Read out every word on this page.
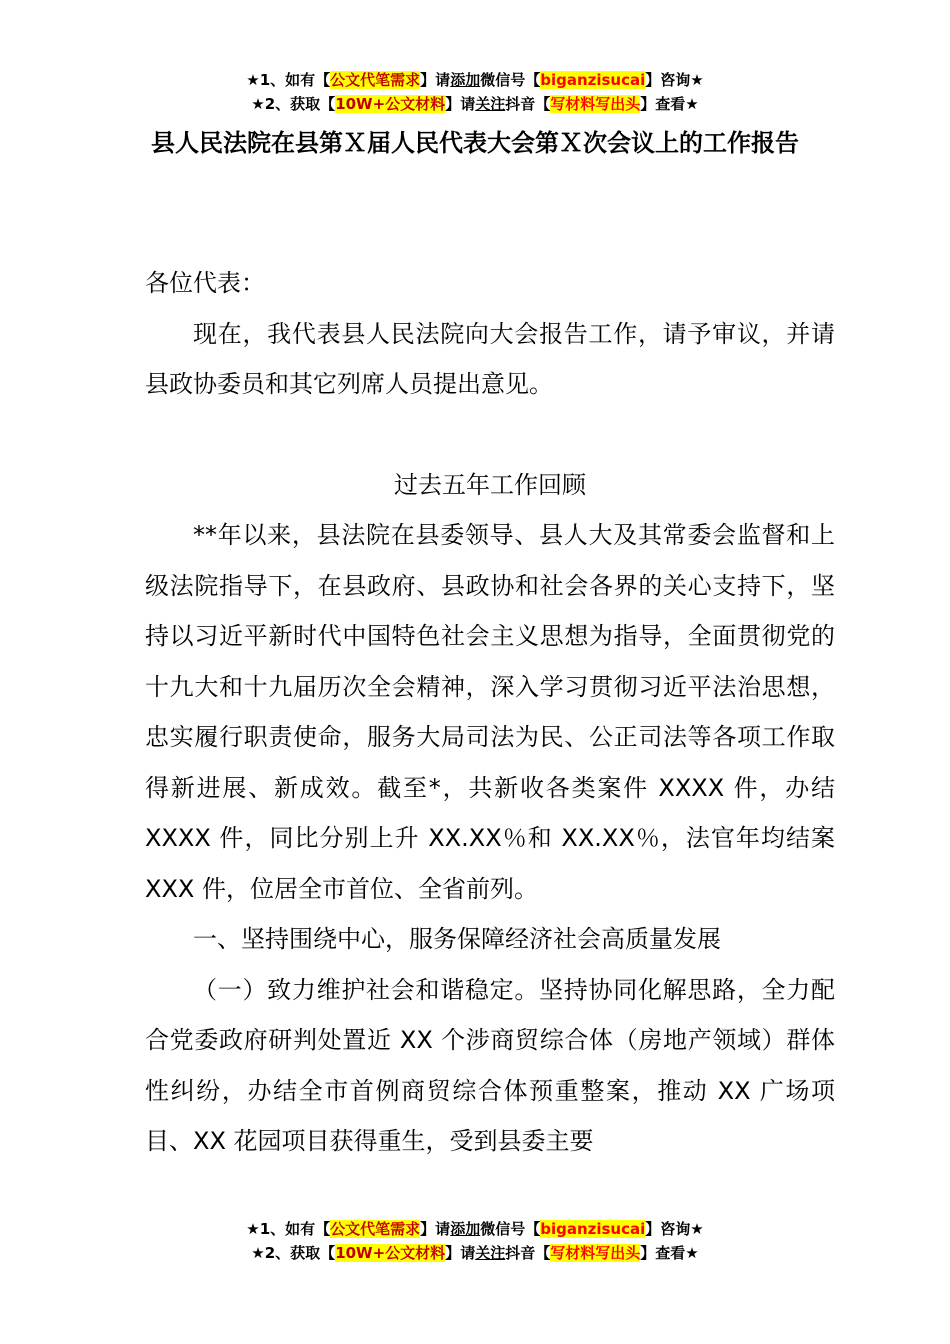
★1、如有【公文代笔需求】请添加微信号【biganzisucai】咨询★
★2、获取【10W+公文材料】请关注抖音【写材料写出头】查看★
县人民法院在县第Ｘ届人民代表大会第Ｘ次会议上的工作报告

各位代表：

现在，我代表县人民法院向大会报告工作，请予审议，并请县政协委员和其它列席人员提出意见。

过去五年工作回顾

**年以来，县法院在县委领导、县人大及其常委会监督和上级法院指导下，在县政府、县政协和社会各界的关心支持下，坚持以习近平新时代中国特色社会主义思想为指导，全面贯彻党的十九大和十九届历次全会精神，深入学习贯彻习近平法治思想，忠实履行职责使命，服务大局司法为民、公正司法等各项工作取得新进展、新成效。截至*，共新收各类案件 XXXX 件，办结 XXXX 件，同比分别上升 XX.XX％和 XX.XX％，法官年均结案 XXX 件，位居全市首位、全省前列。

一、坚持围绕中心，服务保障经济社会高质量发展

（一）致力维护社会和谐稳定。坚持协同化解思路，全力配合党委政府研判处置近 XX 个涉商贸综合体（房地产领域）群体性纠纷，办结全市首例商贸综合体预重整案，推动 XX 广场项目、XX 花园项目获得重生，受到县委主要

★1、如有【公文代笔需求】请添加微信号【biganzisucai】咨询★
★2、获取【10W+公文材料】请关注抖音【写材料写出头】查看★
